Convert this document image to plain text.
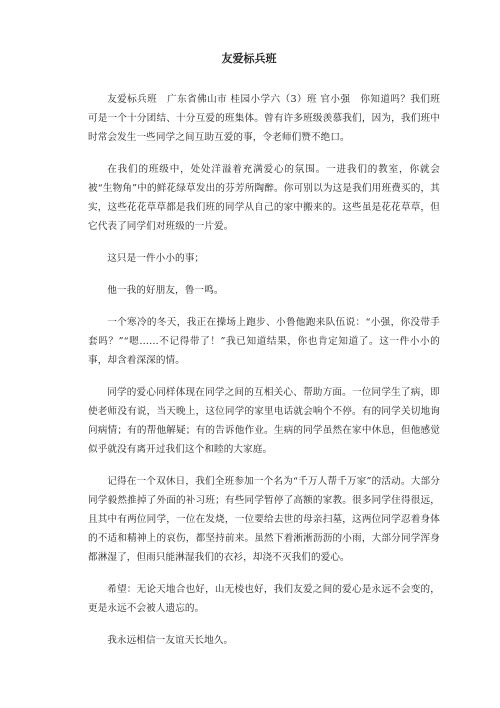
友爱标兵班

友爱标兵班 广东省佛山市 桂园小学六（3）班 官小强 你知道吗？我们班可是一个十分团结、十分互爱的班集体。曾有许多班级羡慕我们，因为，我们班中时常会发生一些同学之间互助互爱的事，令老师们赞不绝口。

在我们的班级中，处处洋溢着充满爱心的氛围。一进我们的教室，你就会被“生物角”中的鲜花绿草发出的芬芳所陶醉。你可别以为这是我们用班费买的，其实，这些花花草草都是我们班的同学从自己的家中搬来的。这些虽是花花草草，但它代表了同学们对班级的一片爱。

这只是一件小小的事；

他一我的好朋友，鲁一鸣。

一个寒冷的冬天，我正在操场上跑步、小鲁他跑来队伍说：“小强，你没带手套吗？”“嗯……不记得带了！”我已知道结果，你也肯定知道了。这一件小小的事，却含着深深的情。

同学的爱心同样体现在同学之间的互相关心、帮助方面。一位同学生了病，即使老师没有说，当天晚上，这位同学的家里电话就会响个不停。有的同学关切地询问病情；有的帮他解疑；有的告诉他作业。生病的同学虽然在家中休息，但他感觉似乎就没有离开过我们这个和睦的大家庭。

记得在一个双休日，我们全班参加一个名为“千万人帮千万家”的活动。大部分同学毅然推掉了外面的补习班；有些同学暂停了高额的家教。很多同学住得很远，且其中有两位同学，一位在发烧，一位要给去世的母亲扫墓，这两位同学忍着身体的不适和精神上的哀伤，都坚持前来。虽然下着淅淅沥沥的小雨，大部分同学浑身都淋湿了，但雨只能淋湿我们的衣衫，却浇不灭我们的爱心。

希望：无论天地合也好，山无棱也好，我们友爱之间的爱心是永远不会变的，更是永远不会被人遗忘的。

我永远相信一友谊天长地久。
